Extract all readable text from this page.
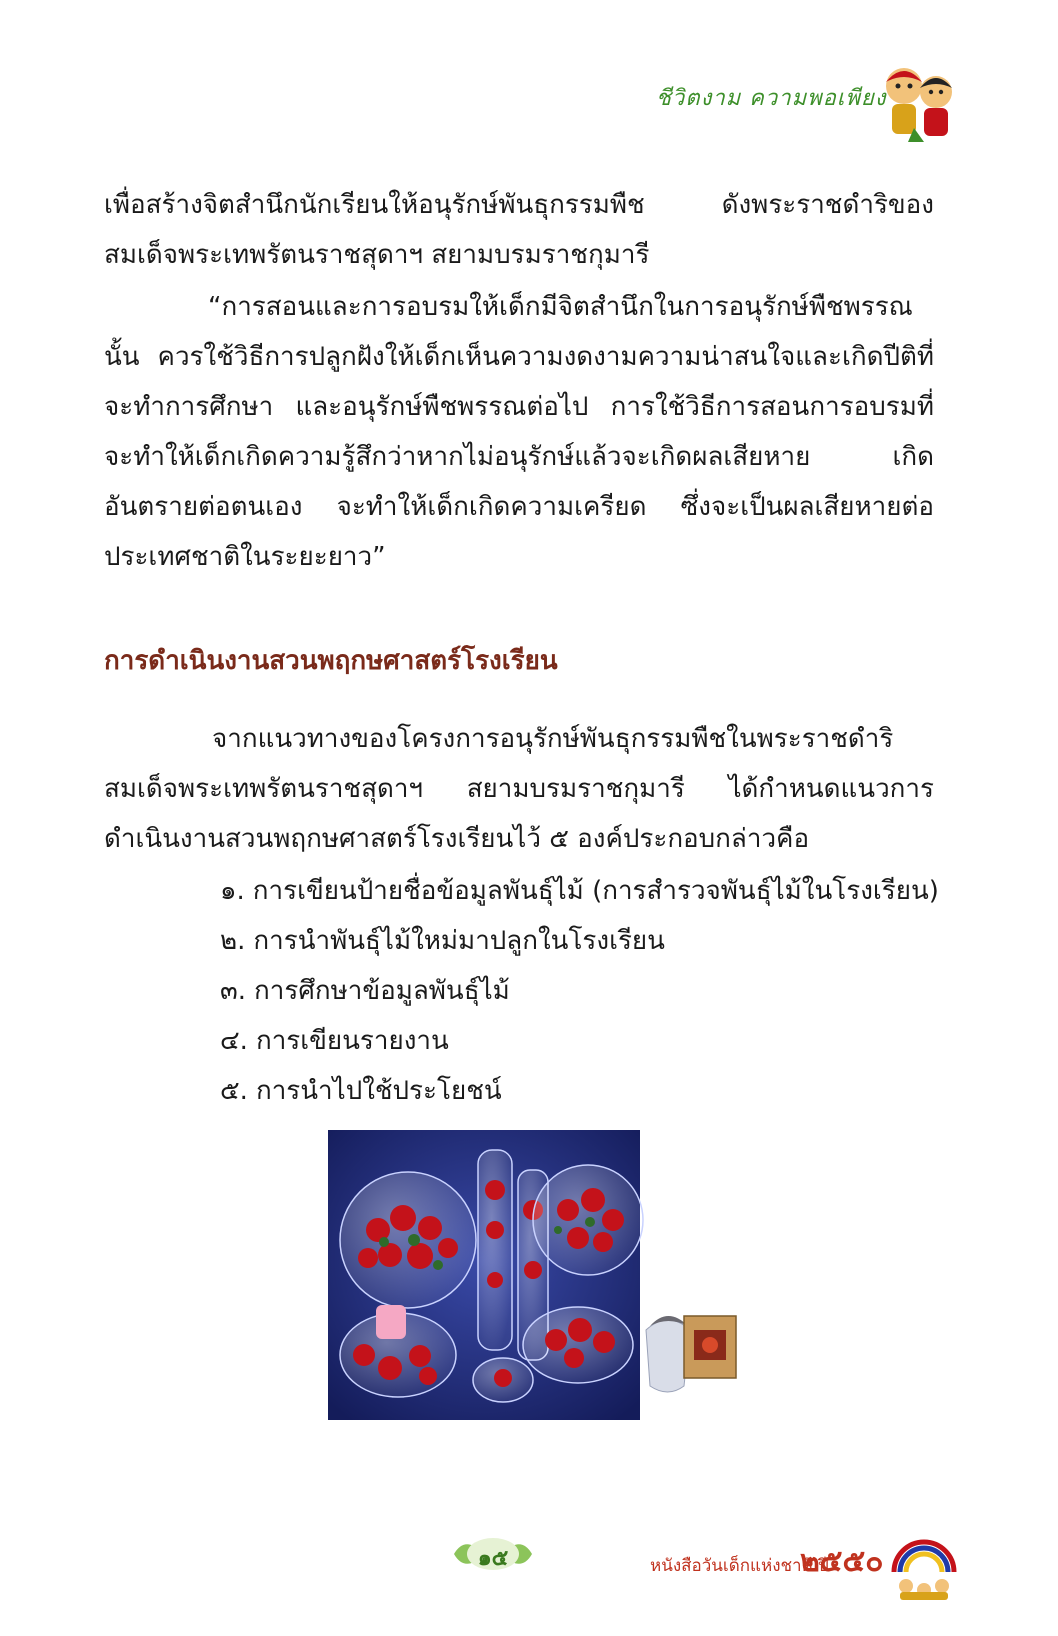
ชีวิตงาม ความพอเพียง

เพื่อสร้างจิตสำนึกนักเรียนให้อนุรักษ์พันธุกรรมพืช ดังพระราชดำริของสมเด็จพระเทพรัตนราชสุดาฯ สยามบรมราชกุมารี

“การสอนและการอบรมให้เด็กมีจิตสำนึกในการอนุรักษ์พืชพรรณนั้น ควรใช้วิธีการปลูกฝังให้เด็กเห็นความงดงามความน่าสนใจและเกิดปีติที่จะทำการศึกษา และอนุรักษ์พืชพรรณต่อไป การใช้วิธีการสอนการอบรมที่จะทำให้เด็กเกิดความรู้สึกว่าหากไม่อนุรักษ์แล้วจะเกิดผลเสียหาย เกิดอันตรายต่อตนเอง จะทำให้เด็กเกิดความเครียด ซึ่งจะเป็นผลเสียหายต่อประเทศชาติในระยะยาว”

การดำเนินงานสวนพฤกษศาสตร์โรงเรียน

จากแนวทางของโครงการอนุรักษ์พันธุกรรมพืชในพระราชดำริสมเด็จพระเทพรัตนราชสุดาฯ สยามบรมราชกุมารี ได้กำหนดแนวการดำเนินงานสวนพฤกษศาสตร์โรงเรียนไว้ ๕ องค์ประกอบกล่าวคือ

๑. การเขียนป้ายชื่อข้อมูลพันธุ์ไม้ (การสำรวจพันธุ์ไม้ในโรงเรียน)
๒. การนำพันธุ์ไม้ใหม่มาปลูกในโรงเรียน
๓. การศึกษาข้อมูลพันธุ์ไม้
๔. การเขียนรายงาน
๕. การนำไปใช้ประโยชน์
๑๕	หนังสือวันเด็กแห่งชาติ ปี
๒๕๕๐
